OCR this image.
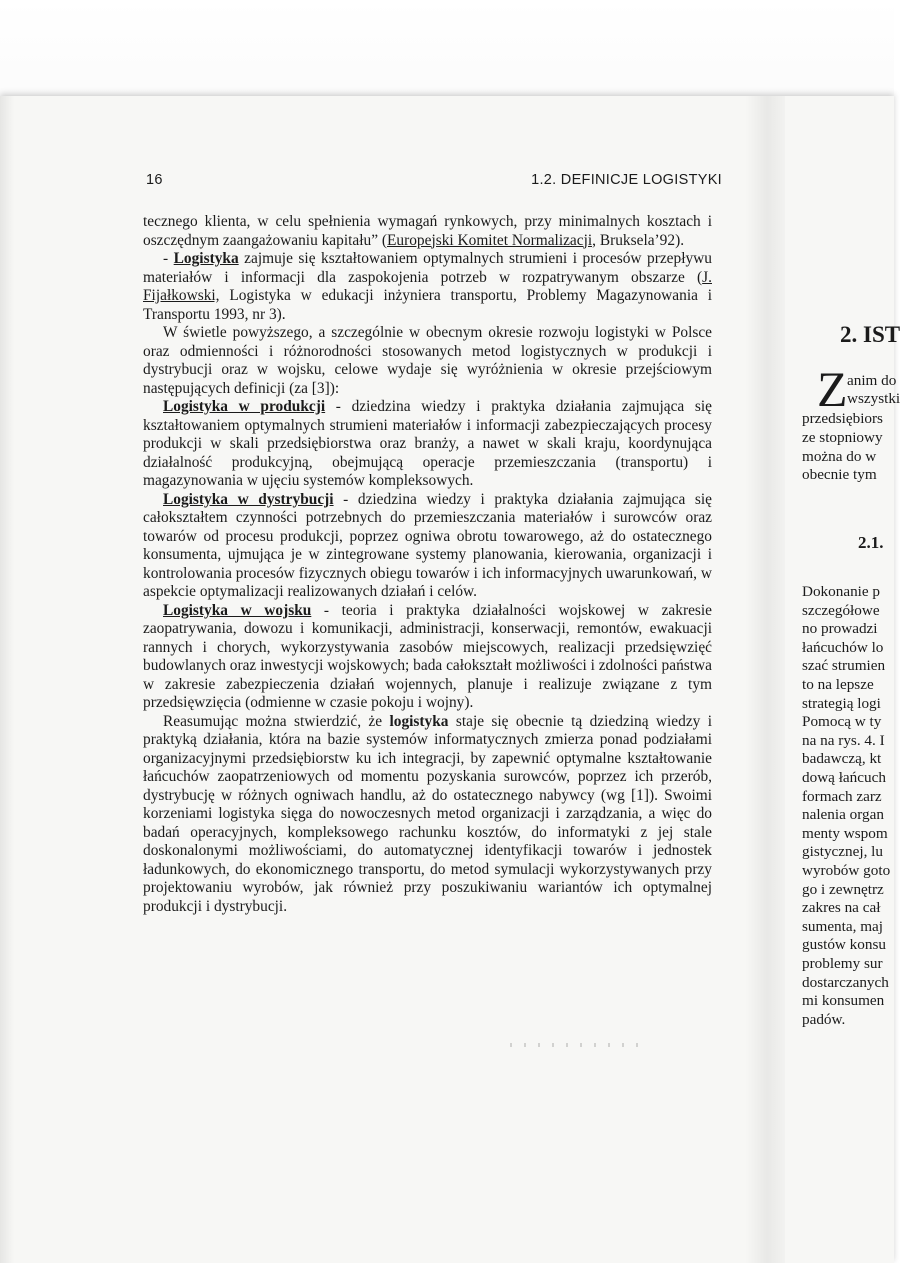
16	1.2. DEFINICJE LOGISTYKI

tecznego klienta, w celu spełnienia wymagań rynkowych, przy minimalnych kosztach i oszczędnym zaangażowaniu kapitału” (Europejski Komitet Normalizacji, Bruksela’92).

- Logistyka zajmuje się kształtowaniem optymalnych strumieni i procesów przepływu materiałów i informacji dla zaspokojenia potrzeb w rozpatrywanym obszarze (J. Fijałkowski, Logistyka w edukacji inżyniera transportu, Problemy Magazynowania i Transportu 1993, nr 3).

W świetle powyższego, a szczególnie w obecnym okresie rozwoju logistyki w Polsce oraz odmienności i różnorodności stosowanych metod logistycznych w produkcji i dystrybucji oraz w wojsku, celowe wydaje się wyróżnienia w okresie przejściowym następujących definicji (za [3]):

Logistyka w produkcji - dziedzina wiedzy i praktyka działania zajmująca się kształtowaniem optymalnych strumieni materiałów i informacji zabezpieczających procesy produkcji w skali przedsiębiorstwa oraz branży, a nawet w skali kraju, koordynująca działalność produkcyjną, obejmującą operacje przemieszczania (transportu) i magazynowania w ujęciu systemów kompleksowych.

Logistyka w dystrybucji - dziedzina wiedzy i praktyka działania zajmująca się całokształtem czynności potrzebnych do przemieszczania materiałów i surowców oraz towarów od procesu produkcji, poprzez ogniwa obrotu towarowego, aż do ostatecznego konsumenta, ujmująca je w zintegrowane systemy planowania, kierowania, organizacji i kontrolowania procesów fizycznych obiegu towarów i ich informacyjnych uwarunkowań, w aspekcie optymalizacji realizowanych działań i celów.

Logistyka w wojsku - teoria i praktyka działalności wojskowej w zakresie zaopatrywania, dowozu i komunikacji, administracji, konserwacji, remontów, ewakuacji rannych i chorych, wykorzystywania zasobów miejscowych, realizacji przedsięwzięć budowlanych oraz inwestycji wojskowych; bada całokształt możliwości i zdolności państwa w zakresie zabezpieczenia działań wojennych, planuje i realizuje związane z tym przedsięwzięcia (odmienne w czasie pokoju i wojny).

Reasumując można stwierdzić, że logistyka staje się obecnie tą dziedziną wiedzy i praktyką działania, która na bazie systemów informatycznych zmierza ponad podziałami organizacyjnymi przedsiębiorstw ku ich integracji, by zapewnić optymalne kształtowanie łańcuchów zaopatrzeniowych od momentu pozyskania surowców, poprzez ich przerób, dystrybucję w różnych ogniwach handlu, aż do ostatecznego nabywcy (wg [1]). Swoimi korzeniami logistyka sięga do nowoczesnych metod organizacji i zarządzania, a więc do badań operacyjnych, kompleksowego rachunku kosztów, do informatyki z jej stale doskonalonymi możliwościami, do automatycznej identyfikacji towarów i jednostek ładunkowych, do ekonomicznego transportu, do metod symulacji wykorzystywanych przy projektowaniu wyrobów, jak również przy poszukiwaniu wariantów ich optymalnej produkcji i dystrybucji.

2. IST
Z anim do
wszystki
przedsiębiors
ze stopniowy
można do w
obecnie tym
2.1.
Dokonanie p
szczegółowe
no prowadzi
łańcuchów lo
szać strumien
to na lepsze
strategią logi
Pomocą w ty
na na rys. 4. I
badawczą, kt
dową łańcuch
formach zarz
nalenia organ
menty wspom
gistycznej, lu
wyrobów goto
go i zewnętrz
zakres na cał
sumenta, maj
gustów konsu
problemy sur
dostarczanych
mi konsumen
padów.
